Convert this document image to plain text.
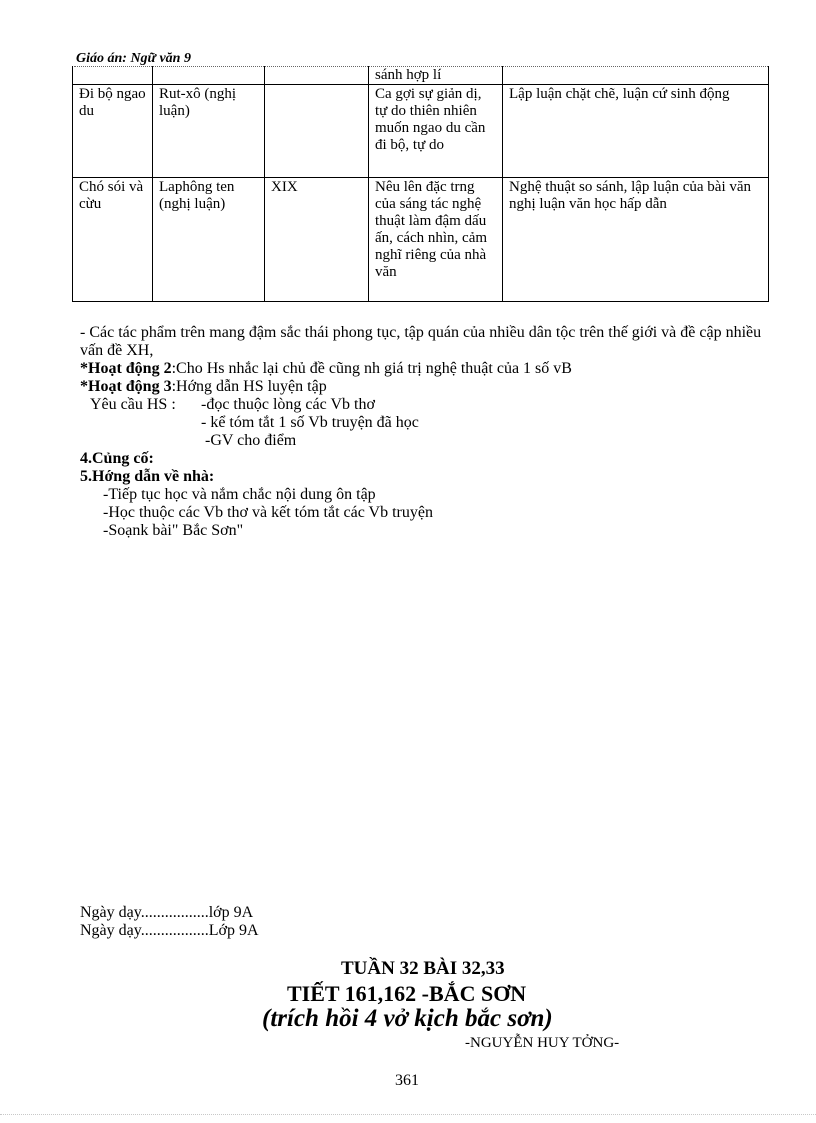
Giáo án: Ngữ văn 9
			sánh hợp lí	
Đi bộ ngao du	Rut-xô (nghị luận)		Ca gợi sự giản dị, tự do thiên nhiên muốn ngao du cần đi bộ, tự do	Lập luận chặt chẽ, luận cứ sinh động
Chó sói và cừu	Laphông ten (nghị luận)	XIX	Nêu lên đặc trng của sáng tác nghệ thuật làm đậm dấu ấn, cách nhìn, cảm nghĩ riêng của nhà văn	Nghệ thuật so sánh, lập luận của bài văn nghị luận văn học hấp dẫn
- Các tác phẩm trên mang đậm sắc thái phong tục, tập quán của nhiều dân tộc trên thế giới và đề cập nhiều vấn đề XH,
*Hoạt động 2:Cho Hs nhắc lại chủ đề cũng nh giá trị nghệ thuật của 1 số vB
*Hoạt động 3:Hớng dẫn HS luyện tập
Yêu cầu HS :	-đọc thuộc lòng các Vb thơ
- kể tóm tắt 1 số Vb truyện đã học
-GV cho điểm
4.Củng cố:
5.Hớng dẫn về nhà:
-Tiếp tục học và nắm chắc nội dung ôn tập
-Học thuộc các Vb thơ và kết tóm tắt các Vb truyện
-Soạnk bài" Bắc Sơn"
Ngày dạy.................lớp 9A
Ngày dạy.................Lớp 9A
TUẦN 32 BÀI 32,33
TIẾT 161,162 -BẮC SƠN
(trích hồi 4 vở kịch bắc sơn)
-NGUYỄN HUY TỞNG-
361
